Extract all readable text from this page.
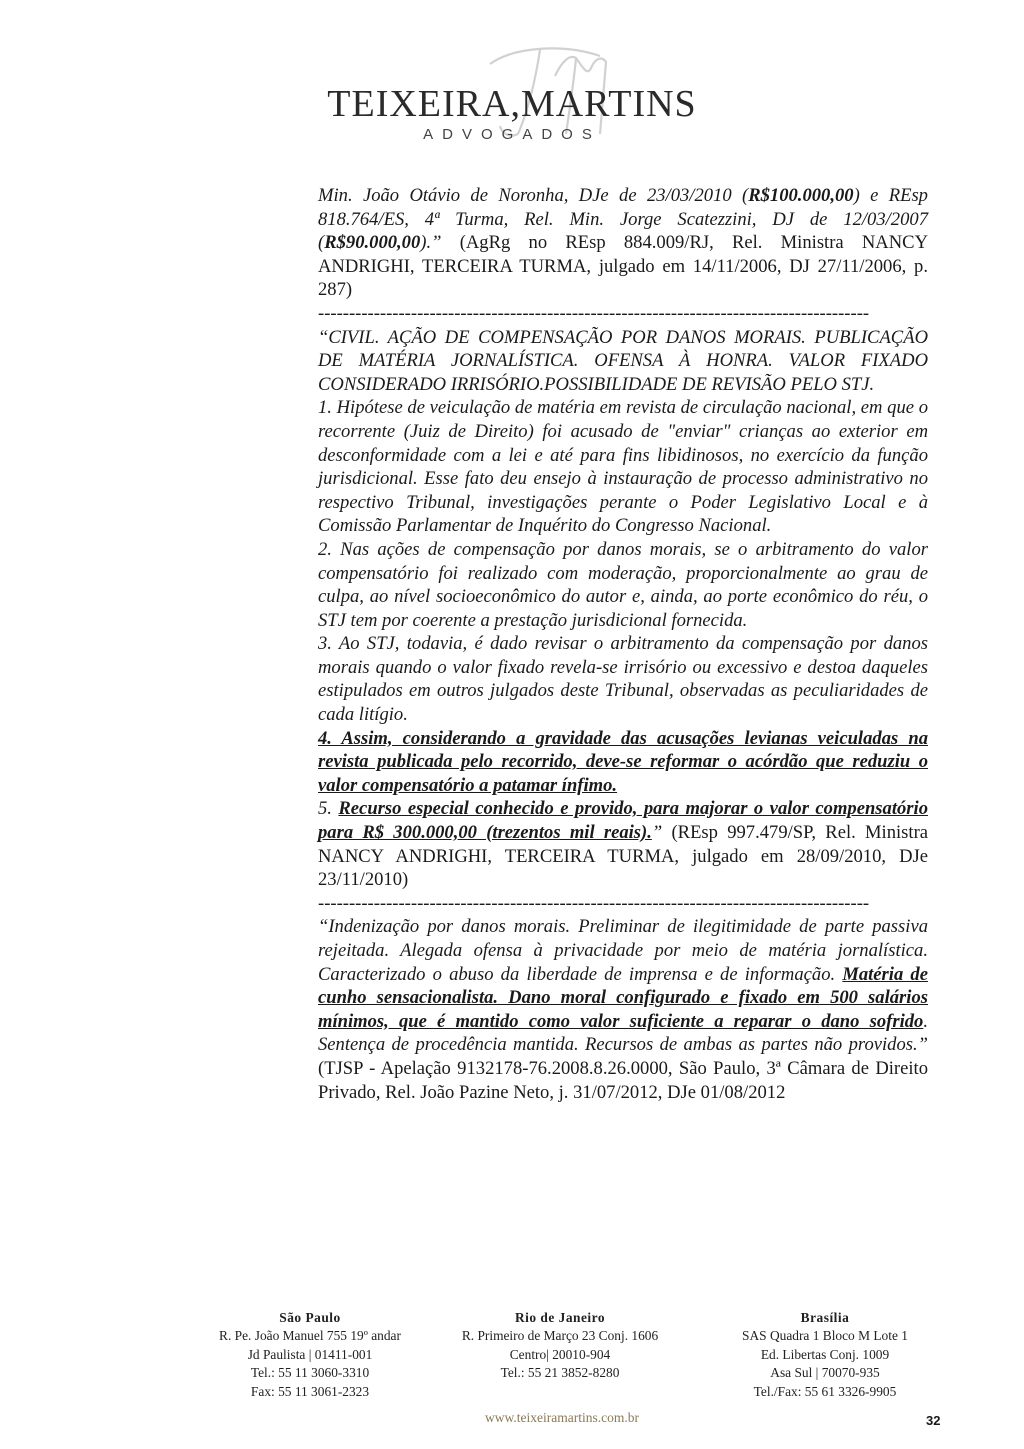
TEIXEIRA,MARTINS
ADVOGADOS

Min. João Otávio de Noronha, DJe de 23/03/2010 (R$100.000,00) e REsp 818.764/ES, 4ª Turma, Rel. Min. Jorge Scatezzini, DJ de 12/03/2007 (R$90.000,00).” (AgRg no REsp 884.009/RJ, Rel. Ministra NANCY ANDRIGHI, TERCEIRA TURMA, julgado em 14/11/2006, DJ 27/11/2006, p. 287)

-----------------------------------------------------------------------------------------

“CIVIL. AÇÃO DE COMPENSAÇÃO POR DANOS MORAIS. PUBLICAÇÃO DE MATÉRIA JORNALÍSTICA. OFENSA À HONRA. VALOR FIXADO CONSIDERADO IRRISÓRIO.POSSIBILIDADE DE REVISÃO PELO STJ.

1. Hipótese de veiculação de matéria em revista de circulação nacional, em que o recorrente (Juiz de Direito) foi acusado de "enviar" crianças ao exterior em desconformidade com a lei e até para fins libidinosos, no exercício da função jurisdicional. Esse fato deu ensejo à instauração de processo administrativo no respectivo Tribunal, investigações perante o Poder Legislativo Local e à Comissão Parlamentar de Inquérito do Congresso Nacional.

2. Nas ações de compensação por danos morais, se o arbitramento do valor compensatório foi realizado com moderação, proporcionalmente ao grau de culpa, ao nível socioeconômico do autor e, ainda, ao porte econômico do réu, o STJ tem por coerente a prestação jurisdicional fornecida.

3. Ao STJ, todavia, é dado revisar o arbitramento da compensação por danos morais quando o valor fixado revela-se irrisório ou excessivo e destoa daqueles estipulados em outros julgados deste Tribunal, observadas as peculiaridades de cada litígio.

4. Assim, considerando a gravidade das acusações levianas veiculadas na revista publicada pelo recorrido, deve-se reformar o acórdão que reduziu o valor compensatório a patamar ínfimo.

5. Recurso especial conhecido e provido, para majorar o valor compensatório para R$ 300.000,00 (trezentos mil reais).” (REsp 997.479/SP, Rel. Ministra NANCY ANDRIGHI, TERCEIRA TURMA, julgado em 28/09/2010, DJe 23/11/2010)

-----------------------------------------------------------------------------------------

“Indenização por danos morais. Preliminar de ilegitimidade de parte passiva rejeitada. Alegada ofensa à privacidade por meio de matéria jornalística. Caracterizado o abuso da liberdade de imprensa e de informação. Matéria de cunho sensacionalista. Dano moral configurado e fixado em 500 salários mínimos, que é mantido como valor suficiente a reparar o dano sofrido. Sentença de procedência mantida. Recursos de ambas as partes não providos.” (TJSP - Apelação 9132178-76.2008.8.26.0000, São Paulo, 3ª Câmara de Direito Privado, Rel. João Pazine Neto, j. 31/07/2012, DJe 01/08/2012

São Paulo
R. Pe. João Manuel 755 19º andar
Jd Paulista | 01411-001
Tel.: 55 11 3060-3310
Fax: 55 11 3061-2323
Rio de Janeiro
R. Primeiro de Março 23 Conj. 1606
Centro| 20010-904
Tel.: 55 21 3852-8280
Brasília
SAS Quadra 1 Bloco M Lote 1
Ed. Libertas Conj. 1009
Asa Sul | 70070-935
Tel./Fax: 55 61 3326-9905
www.teixeiramartins.com.br	32
